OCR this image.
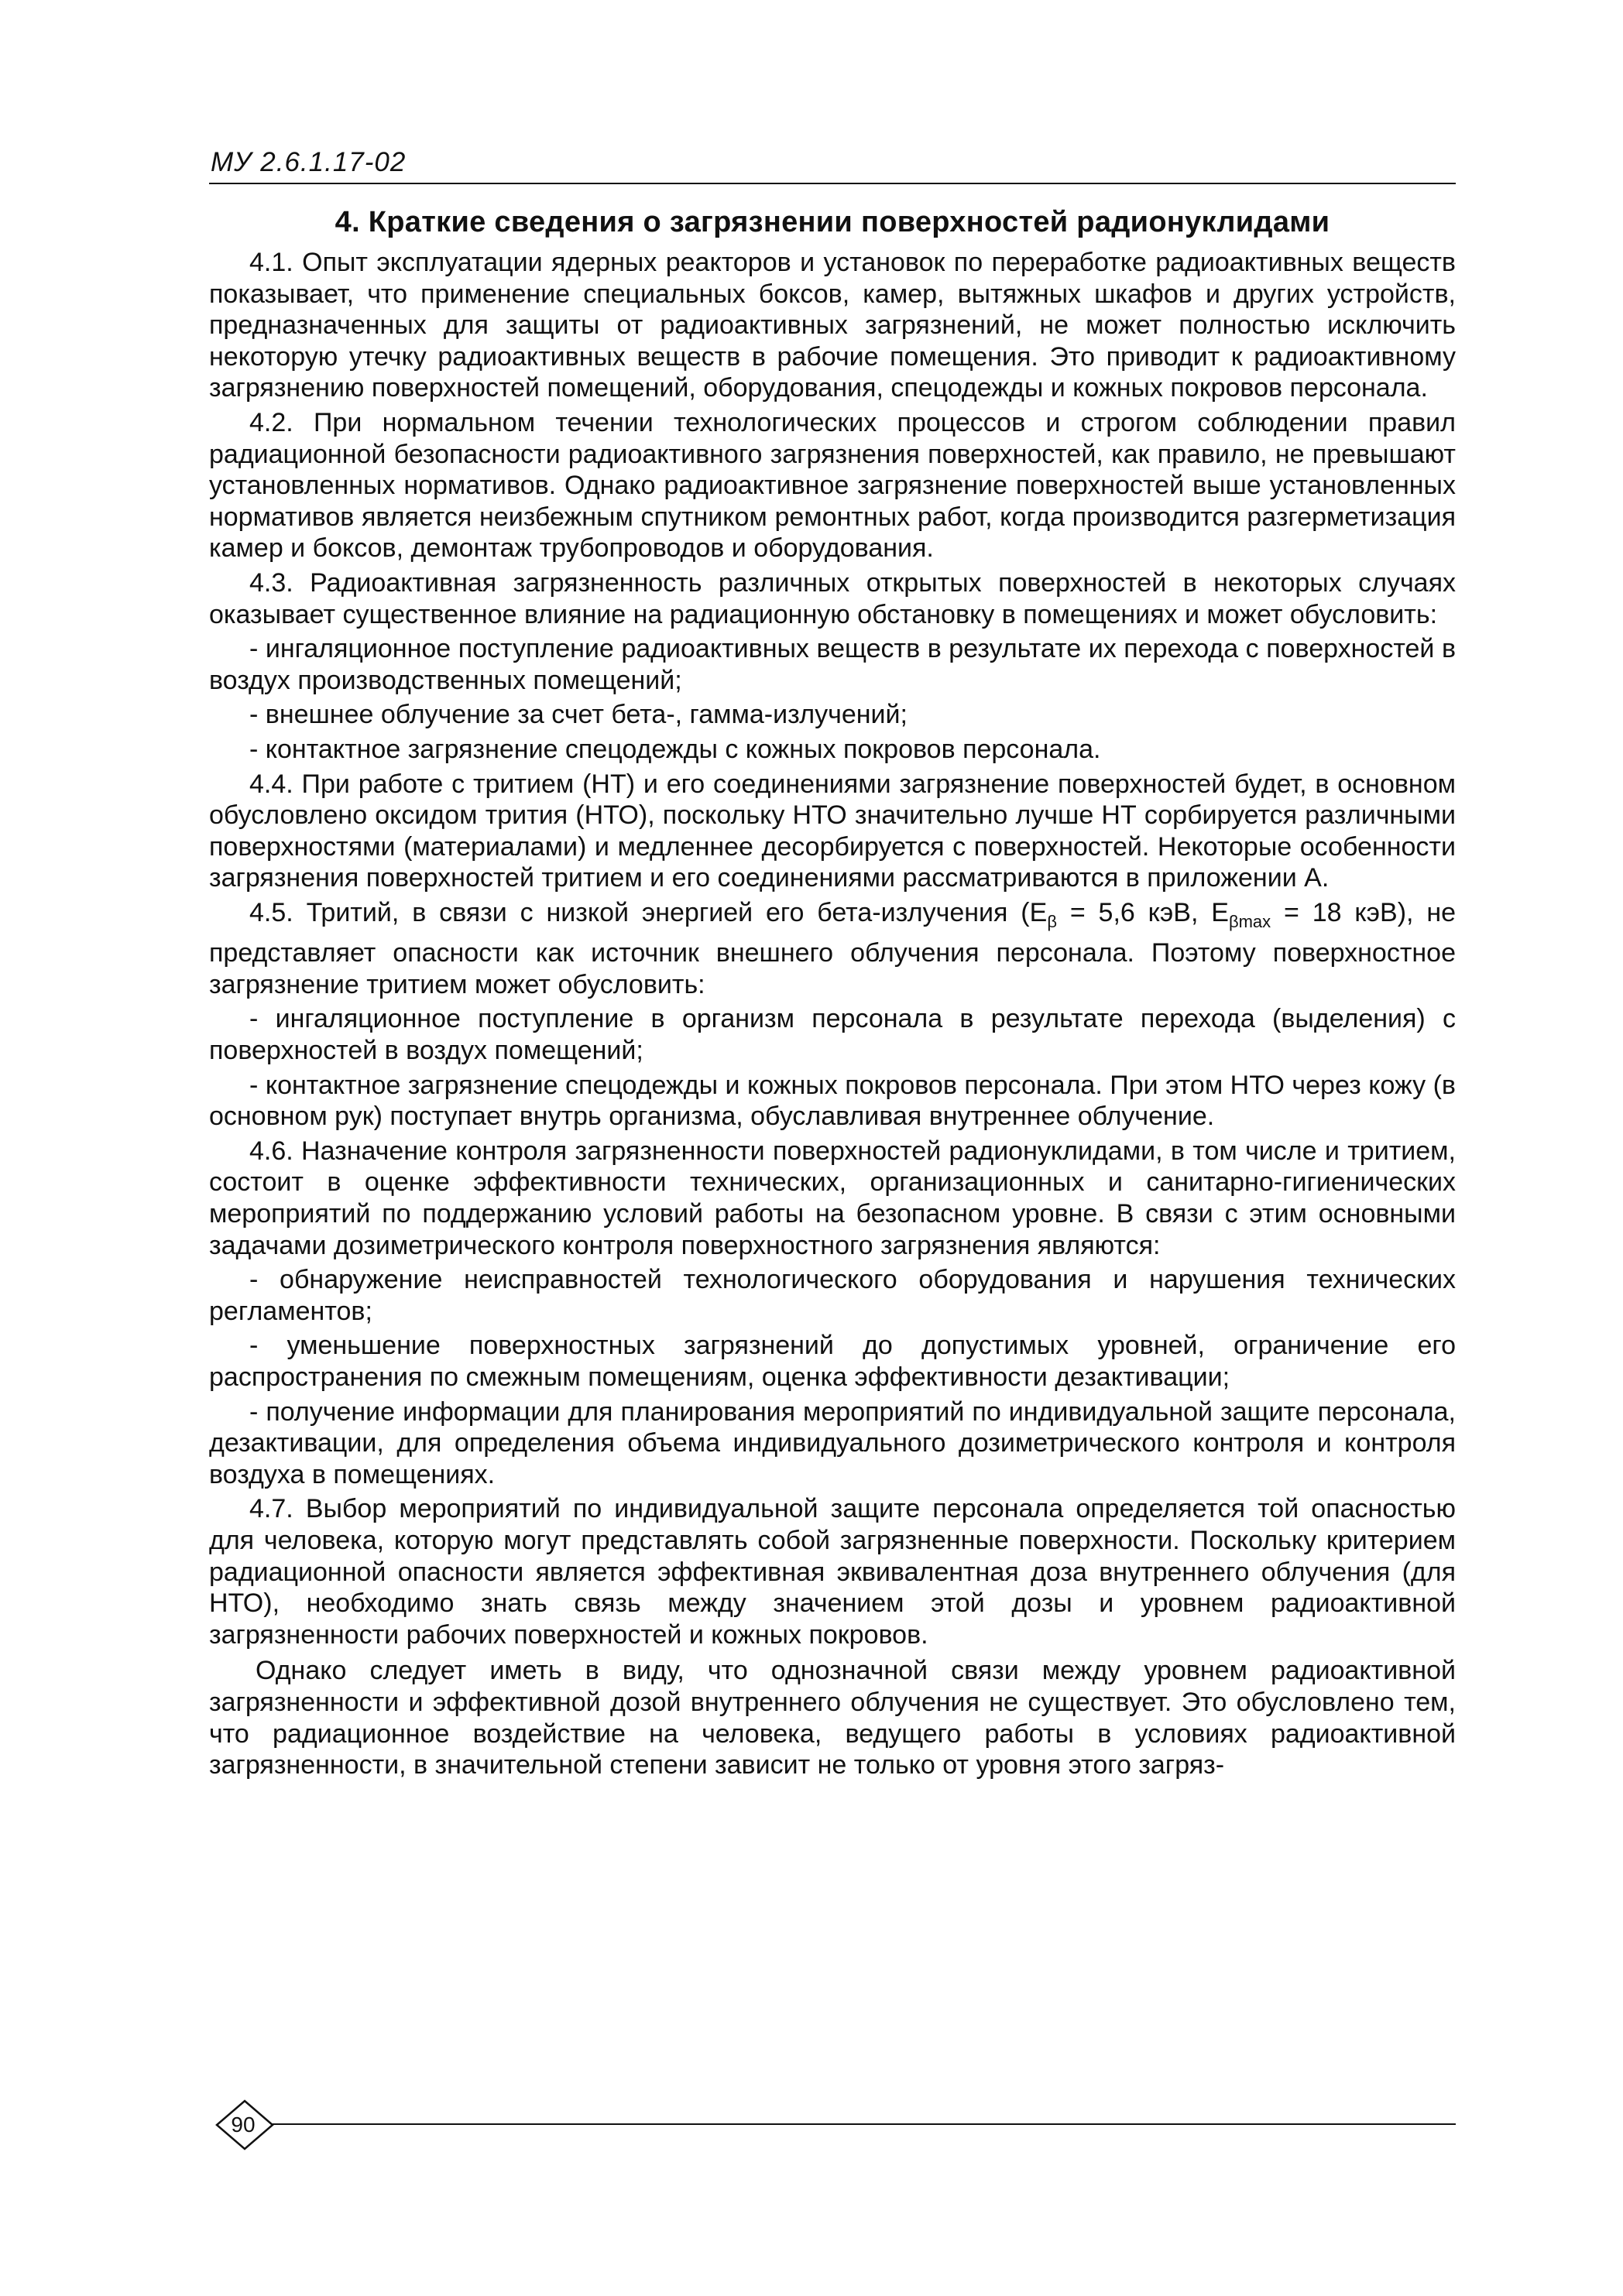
МУ 2.6.1.17-02
4. Краткие сведения о загрязнении поверхностей радионуклидами

4.1. Опыт эксплуатации ядерных реакторов и установок по переработке радиоактивных веществ показывает, что применение специальных боксов, камер, вытяжных шкафов и других устройств, предназначенных для защиты от радиоактивных загрязнений, не может полностью исключить некоторую утечку радиоактивных веществ в рабочие помещения. Это приводит к радиоактивному загрязнению поверхностей помещений, оборудования, спецодежды и кожных покровов персонала.

4.2. При нормальном течении технологических процессов и строгом соблюдении правил радиационной безопасности радиоактивного загрязнения поверхностей, как правило, не превышают установленных нормативов. Однако радиоактивное загрязнение поверхностей выше установленных нормативов является неизбежным спутником ремонтных работ, когда производится разгерметизация камер и боксов, демонтаж трубопроводов и оборудования.

4.3. Радиоактивная загрязненность различных открытых поверхностей в некоторых случаях оказывает существенное влияние на радиационную обстановку в помещениях и может обусловить:

- ингаляционное поступление радиоактивных веществ в результате их перехода с поверхностей в воздух производственных помещений;

- внешнее облучение за счет бета-, гамма-излучений;

- контактное загрязнение спецодежды с кожных покровов персонала.

4.4. При работе с тритием (НТ) и его соединениями загрязнение поверхностей будет, в основном обусловлено оксидом трития (НТО), поскольку НТО значительно лучше НТ сорбируется различными поверхностями (материалами) и медленнее десорбируется с поверхностей. Некоторые особенности загрязнения поверхностей тритием и его соединениями рассматриваются в приложении А.

4.5. Тритий, в связи с низкой энергией его бета-излучения ($Е_\beta = 5,6$ кэВ, $Е_{\beta max} = 18$ кэВ), не представляет опасности как источник внешнего облучения персонала. Поэтому поверхностное загрязнение тритием может обусловить:

- ингаляционное поступление в организм персонала в результате перехода (выделения) с поверхностей в воздух помещений;

- контактное загрязнение спецодежды и кожных покровов персонала. При этом НТО через кожу (в основном рук) поступает внутрь организма, обуславливая внутреннее облучение.

4.6. Назначение контроля загрязненности поверхностей радионуклидами, в том числе и тритием, состоит в оценке эффективности технических, организационных и санитарно-гигиенических мероприятий по поддержанию условий работы на безопасном уровне. В связи с этим основными задачами дозиметрического контроля поверхностного загрязнения являются:

- обнаружение неисправностей технологического оборудования и нарушения технических регламентов;

- уменьшение поверхностных загрязнений до допустимых уровней, ограничение его распространения по смежным помещениям, оценка эффективности дезактивации;

- получение информации для планирования мероприятий по индивидуальной защите персонала, дезактивации, для определения объема индивидуального дозиметрического контроля и контроля воздуха в помещениях.

4.7. Выбор мероприятий по индивидуальной защите персонала определяется той опасностью для человека, которую могут представлять собой загрязненные поверхности. Поскольку критерием радиационной опасности является эффективная эквивалентная доза внутреннего облучения (для НТО), необходимо знать связь между значением этой дозы и уровнем радиоактивной загрязненности рабочих поверхностей и кожных покровов.

Однако следует иметь в виду, что однозначной связи между уровнем радиоактивной загрязненности и эффективной дозой внутреннего облучения не существует. Это обусловлено тем, что радиационное воздействие на человека, ведущего работы в условиях радиоактивной загрязненности, в значительной степени зависит не только от уровня этого загряз-

90
